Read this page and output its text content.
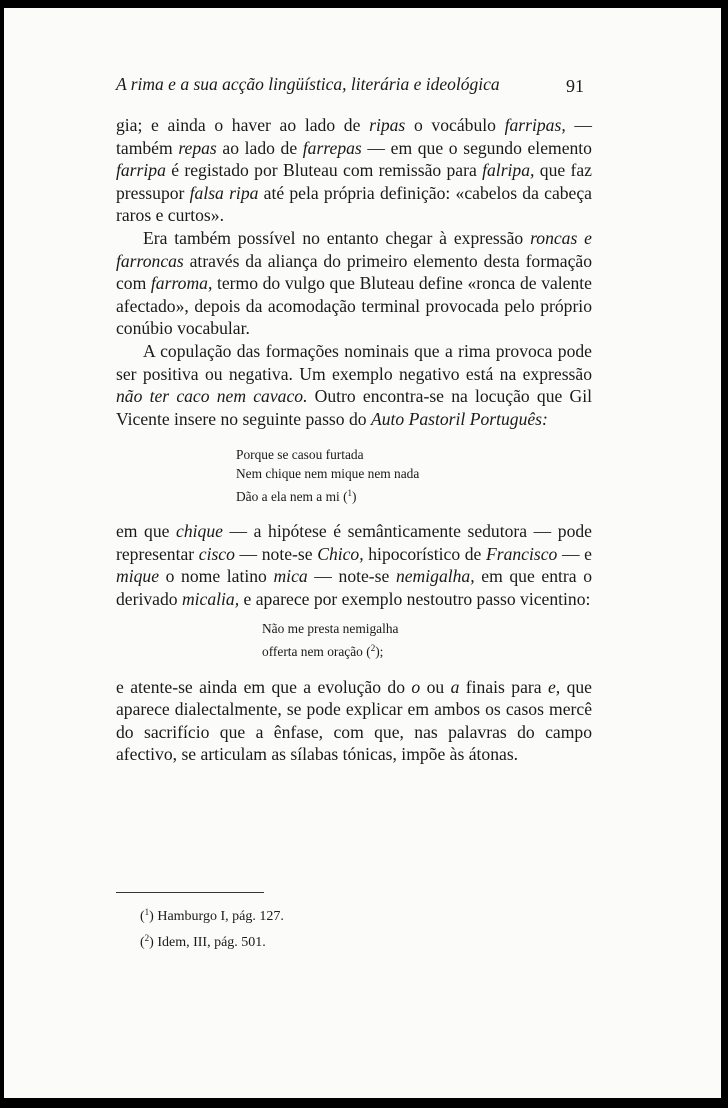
A rima e a sua acção lingüística, literária e ideológica	91

gia; e ainda o haver ao lado de ripas o vocábulo farripas, — também repas ao lado de farrepas — em que o segundo elemento farripa é registado por Bluteau com remissão para falripa, que faz pressupor falsa ripa até pela própria definição: «cabelos da cabeça raros e curtos».

Era também possível no entanto chegar à expressão roncas e farroncas através da aliança do primeiro elemento desta formação com farroma, termo do vulgo que Bluteau define «ronca de valente afectado», depois da acomodação terminal provocada pelo próprio conúbio vocabular.

A copulação das formações nominais que a rima provoca pode ser positiva ou negativa. Um exemplo negativo está na expressão não ter caco nem cavaco. Outro encontra-se na locução que Gil Vicente insere no seguinte passo do Auto Pastoril Português:

Porque se casou furtada
Nem chique nem mique nem nada
Dão a ela nem a mi ($^1$)

em que chique — a hipótese é semânticamente sedutora — pode representar cisco — note-se Chico, hipocorístico de Francisco — e mique o nome latino mica — note-se nemigalha, em que entra o derivado micalia, e aparece por exemplo nestoutro passo vicentino:

Não me presta nemigalha
offerta nem oração ($^2$);

e atente-se ainda em que a evolução do o ou a finais para e, que aparece dialectalmente, se pode explicar em ambos os casos mercê do sacrifício que a ênfase, com que, nas palavras do campo afectivo, se articulam as sílabas tónicas, impõe às átonas.

($^1$) Hamburgo I, pág. 127.
($^2$) Idem, III, pág. 501.
